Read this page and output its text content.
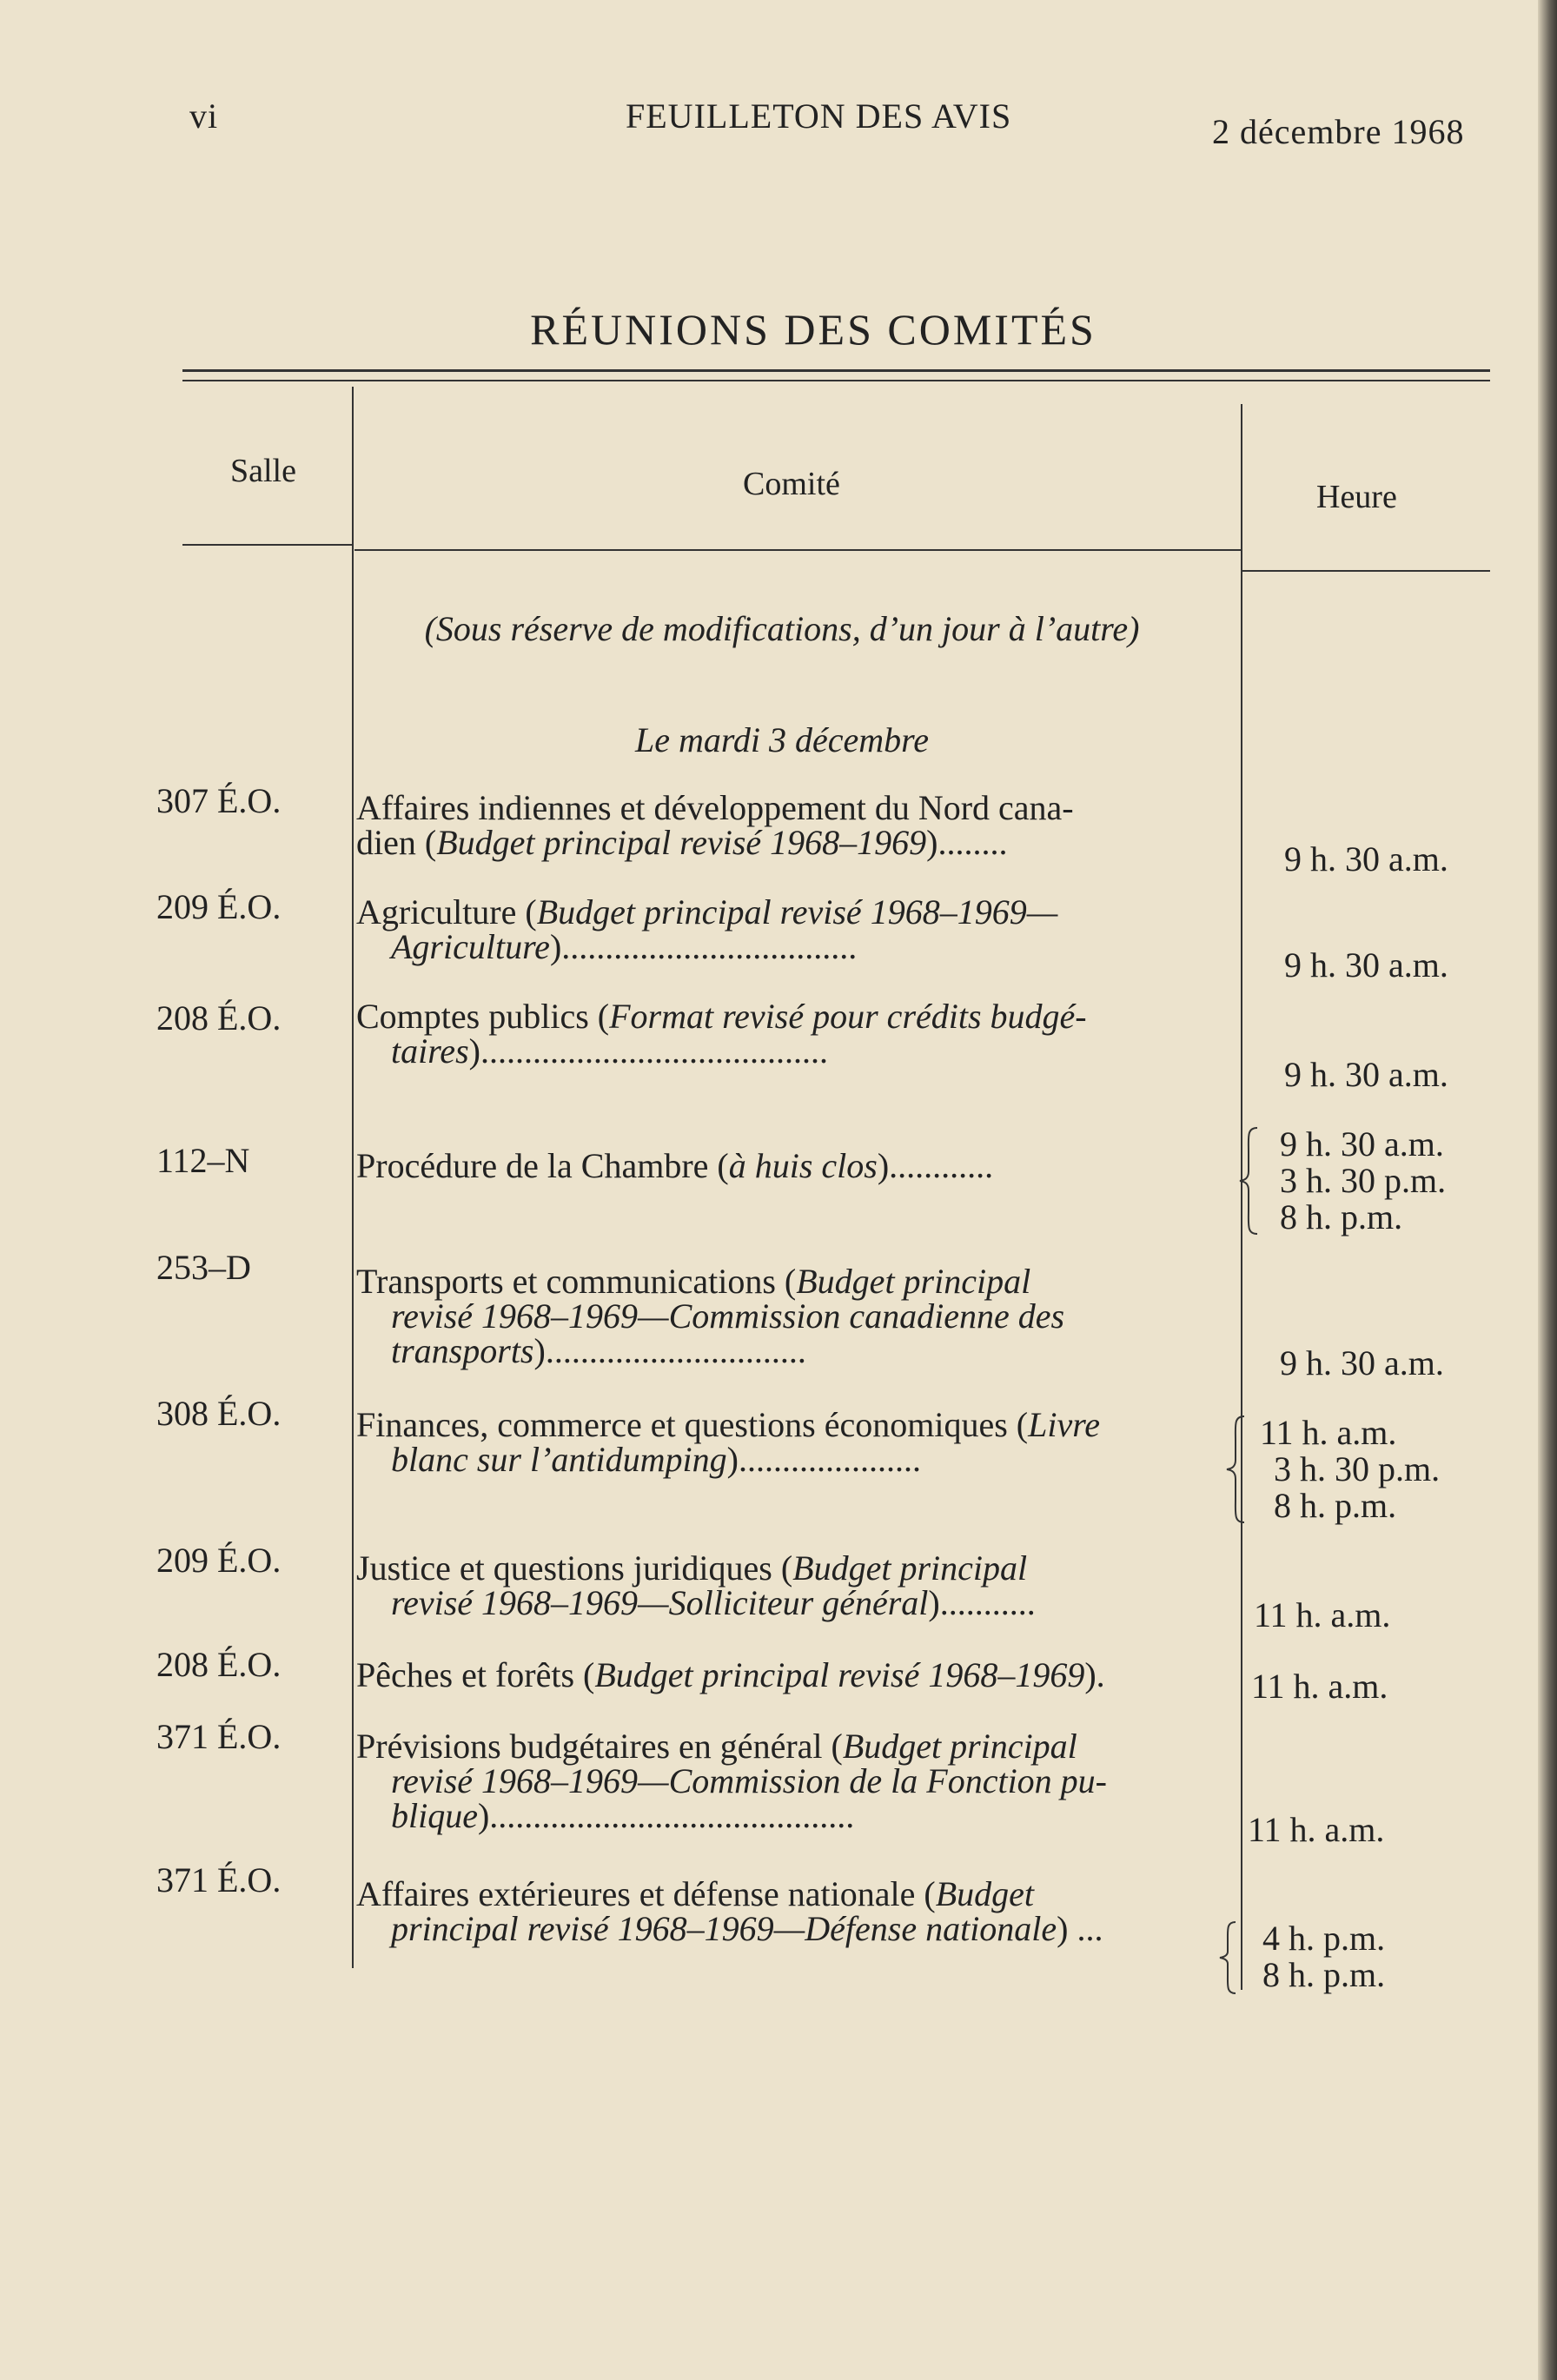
vi	FEUILLETON DES AVIS	2 décembre 1968
RÉUNIONS DES COMITÉS
Salle	Comité	Heure
(Sous réserve de modifications, d’un jour à l’autre)
Le mardi 3 décembre
307 É.O.	Affaires indiennes et développement du Nord cana-
dien (Budget principal revisé 1968–1969)........	9 h. 30 a.m.
209 É.O.	Agriculture (Budget principal revisé 1968–1969—
Agriculture)..................................	9 h. 30 a.m.
208 É.O.	Comptes publics (Format revisé pour crédits budgé-
taires)........................................
9 h. 30 a.m.
112–N	Procédure de la Chambre (à huis clos)............
9 h. 30 a.m.
3 h. 30 p.m.
8 h. p.m.
253–D	Transports et communications (Budget principal
revisé 1968–1969—Commission canadienne des
transports)..............................	9 h. 30 a.m.
308 É.O.	Finances, commerce et questions économiques (Livre
blanc sur l’antidumping).....................
11 h. a.m.
3 h. 30 p.m.
8 h. p.m.
209 É.O.	Justice et questions juridiques (Budget principal
revisé 1968–1969—Solliciteur général)...........	11 h. a.m.
208 É.O.	Pêches et forêts (Budget principal revisé 1968–1969).	11 h. a.m.
371 É.O.	Prévisions budgétaires en général (Budget principal
revisé 1968–1969—Commission de la Fonction pu-
blique)..........................................	11 h. a.m.
371 É.O.	Affaires extérieures et défense nationale (Budget
principal revisé 1968–1969—Défense nationale) ...	4 h. p.m.
8 h. p.m.
